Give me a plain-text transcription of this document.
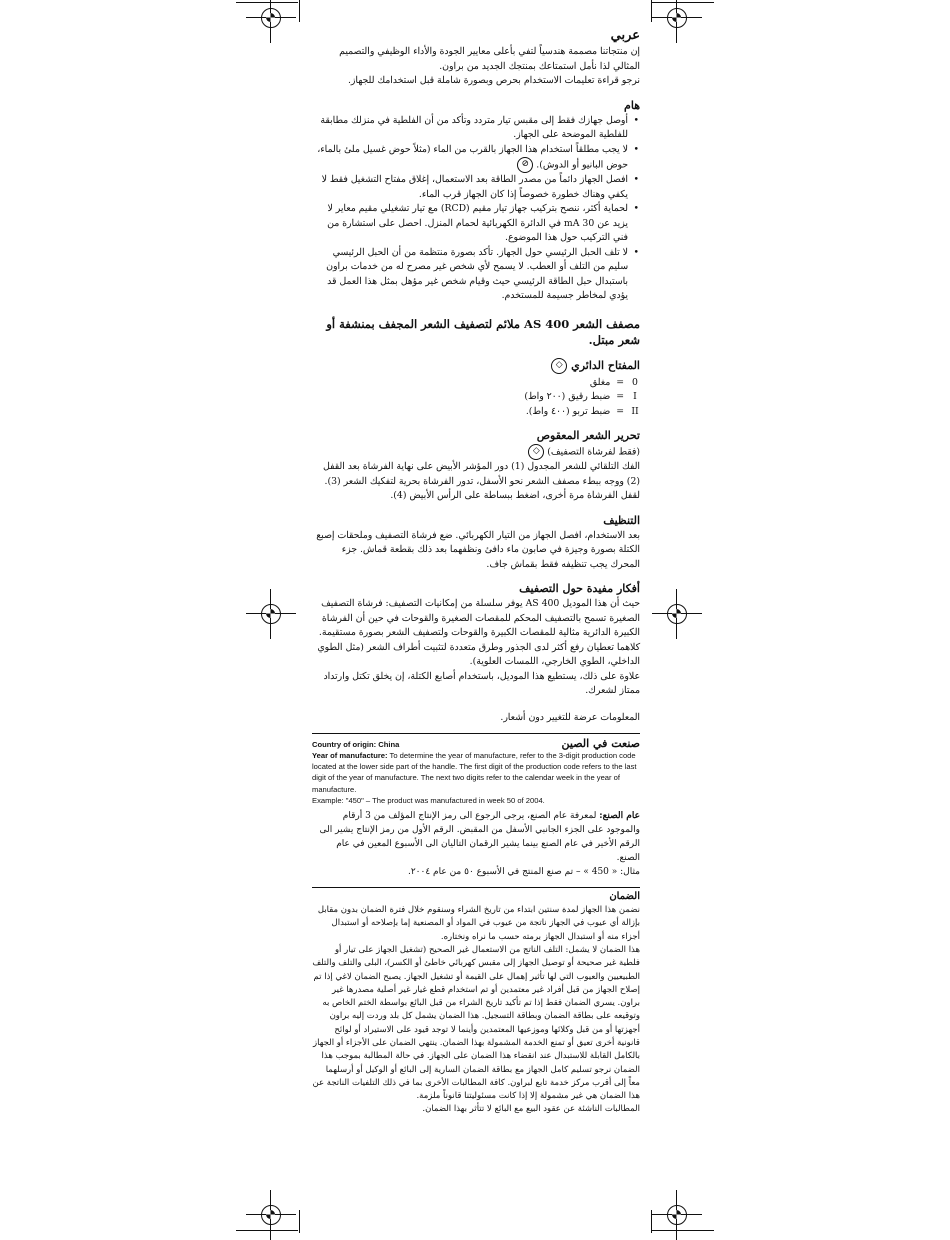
عربي

إن منتجاتنا مصممة هندسياً لتفي بأعلى معايير الجودة والأداء الوظيفي والتصميم المثالي لذا نأمل استمتاعك بمنتجك الجديد من براون.

نرجو قراءة تعليمات الاستخدام بحرص وبصورة شاملة قبل استخدامك للجهاز.

هام
• أوصل جهازك فقط إلى مقبس تيار متردد وتأكد من أن الفلطية في منزلك مطابقة للفلطية الموضحة على الجهاز.
• لا يجب مطلقاً استخدام هذا الجهاز بالقرب من الماء (مثلاً حوض غسيل ملئ بالماء، حوض البانيو أو الدوش). ⊘
• افصل الجهاز دائماً من مصدر الطاقة بعد الاستعمال، إغلاق مفتاح التشغيل فقط لا يكفي وهناك خطورة خصوصاً إذا كان الجهاز قرب الماء.
• لحماية أكثر، ننصح بتركيب جهاز تيار مقيم (RCD) مع تيار تشغيلي مقيم معاير لا يزيد عن 30 mA في الدائرة الكهربائية لحمام المنزل. احصل على استشارة من فني التركيب حول هذا الموضوع.
• لا تلف الحبل الرئيسي حول الجهاز. تأكد بصورة منتظمة من أن الحبل الرئيسي سليم من التلف أو العطب. لا يسمح لأي شخص غير مصرح له من خدمات براون باستبدال حبل الطاقة الرئيسي حيث وقيام شخص غير مؤهل بمثل هذا العمل قد يؤدي لمخاطر جسيمة للمستخدم.
مصفف الشعر AS 400 ملائم لتصفيف الشعر المجفف بمنشفة أو شعر مبتل.
المفتاح الدائري ◇
0
=
مغلق
I
=
ضبط رقيق (٢٠٠ واط)
II
=
ضبط تربو (٤٠٠ واط).
تحرير الشعر المعقوص

(فقط لفرشاة التصفيف) ◇

الفك التلقائي للشعر المجدول (1) دور المؤشر الأبيض على نهاية الفرشاة بعد القفل (2) ووجه ببطء مصفف الشعر نحو الأسفل، تدور الفرشاة بحرية لتفكيك الشعر (3). لقفل الفرشاة مرة أخرى، اضغط ببساطة على الرأس الأبيض (4).

التنظيف

بعد الاستخدام، افصل الجهاز من التيار الكهربائي. ضع فرشاة التصفيف وملحقات إصبع الكتلة بصورة وجيزة في صابون ماء دافئ ونظفهما بعد ذلك بقطعة قماش. جزء المحرك يجب تنظيفه فقط بقماش جاف.

أفكار مفيدة حول التصفيف

حيث أن هذا الموديل AS 400 يوفر سلسلة من إمكانيات التصفيف: فرشاة التصفيف الصغيرة تسمح بالتصفيف المحكم للمقصات الصغيرة والقوحات في حين أن الفرشاة الكبيرة الدائرية مثالية للمقصات الكبيرة والقوحات ولتصفيف الشعر بصورة مستقيمة. كلاهما تعطيان رفع أكثر لدى الجذور وطرق متعددة لتثبيت أطراف الشعر (مثل الطوي الداخلي، الطوي الخارجي، اللمسات العلوية).

علاوة على ذلك، يستطيع هذا الموديل، باستخدام أصابع الكتلة، إن يخلق تكتل وارتداد ممتاز لشعرك.

المعلومات عرضة للتغيير دون أشعار.

Country of origin: China	صنعت في الصين

Year of manufacture: To determine the year of manufacture, refer to the 3-digit production code located at the lower side part of the handle. The first digit of the production code refers to the last digit of the year of manufacture. The next two digits refer to the calendar week in the year of manufacture.

Example: "450" – The product was manufactured in week 50 of 2004.

عام الصنع: لمعرفة عام الصنع، يرجى الرجوع الى رمز الإنتاج المؤلف من 3 أرقام والموجود على الجزء الجانبي الأسفل من المقبض. الرقم الأول من رمز الإنتاج يشير الى الرقم الأخير في عام الصنع بينما يشير الرقمان التاليان الى الأسبوع المعين في عام الصنع.

مثال: « 450 » – تم صنع المنتج في الأسبوع ٥٠ من عام ٢٠٠٤.

الضمان

نضمن هذا الجهاز لمدة سنتين ابتداء من تاريخ الشراء وسنقوم خلال فترة الضمان بدون مقابل بإزالة أي عيوب في الجهاز ناتجة من عيوب في المواد أو المصنعية إما بإصلاحه أو استبدال أجزاء منه أو استبدال الجهاز برمته حسب ما نراه ونختاره.

هذا الضمان لا يشمل: التلف الناتج من الاستعمال غير الصحيح (تشغيل الجهاز على تيار أو فلطية غير صحيحة أو توصيل الجهاز إلى مقبس كهربائي خاطئ أو الكسر)، البلى والتلف والتلف الطبيعيين والعيوب التي لها تأثير إهمال على القيمة أو تشغيل الجهاز. يصبح الضمان لاغي إذا تم إصلاح الجهاز من قبل أفراد غير معتمدين أو تم استخدام قطع غيار غير أصلية مصدرها غير براون. يسري الضمان فقط إذا تم تأكيد تاريخ الشراء من قبل البائع بواسطة الختم الخاص به وتوقيعه على بطاقة الضمان وبطاقة التسجيل. هذا الضمان يشمل كل بلد وردت إليه براون أجهزتها أو من قبل وكلائها وموزعيها المعتمدين وأينما لا توجد قيود على الاستيراد أو لوائح قانونية أخرى تعيق أو تمنع الخدمة المشمولة بهذا الضمان. ينتهي الضمان على الأجزاء أو الجهاز بالكامل القابلة للاستبدال عند انقضاء هذا الضمان على الجهاز. في حالة المطالبة بموجب هذا الضمان نرجو تسليم كامل الجهاز مع بطاقة الضمان السارية إلى البائع أو الوكيل أو أرسلهما معاً إلى أقرب مركز خدمة تابع لبراون. كافة المطالبات الأخرى بما في ذلك التلفيات الناتجة عن هذا الضمان هي غير مشمولة إلا إذا كانت مسئوليتنا قانوناً ملزمة.

المطالبات الناشئة عن عقود البيع مع البائع لا تتأثر بهذا الضمان.
